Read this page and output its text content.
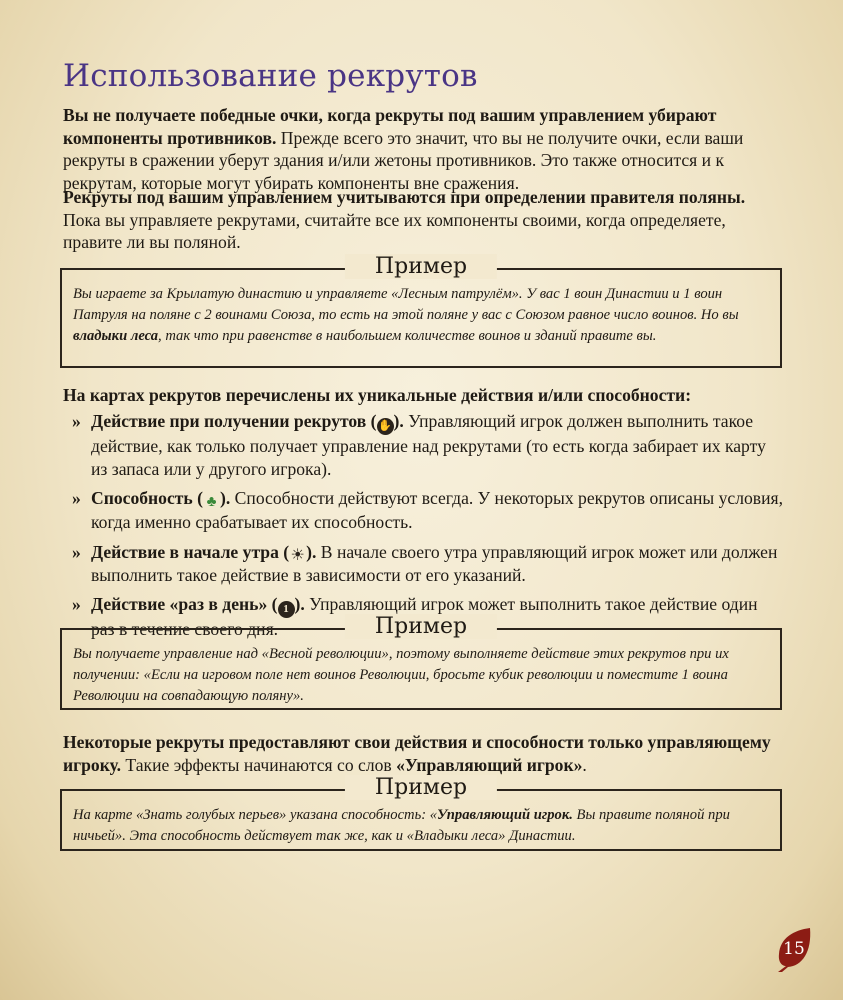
Использование рекрутов

Вы не получаете победные очки, когда рекруты под вашим управлением убирают компоненты противников. Прежде всего это значит, что вы не получите очки, если ваши рекруты в сражении уберут здания и/или жетоны противников. Это также относится и к рекрутам, которые могут убирать компоненты вне сражения.

Рекруты под вашим управлением учитываются при определении правителя поляны. Пока вы управляете рекрутами, считайте все их компоненты своими, когда определяете, правите ли вы поляной.

Пример

Вы играете за Крылатую династию и управляете «Лесным патрулём». У вас 1 воин Династии и 1 воин Патруля на поляне с 2 воинами Союза, то есть на этой поляне у вас с Союзом равное число воинов. Но вы владыки леса, так что при равенстве в наибольшем количестве воинов и зданий правите вы.

На картах рекрутов перечислены их уникальные действия и/или способности:

» Действие при получении рекрутов ( ✋). Управляющий игрок должен выполнить такое действие, как только получает управление над рекрутами (то есть когда забирает их карту из запаса или у другого игрока).
» Способность ( ♣ ). Способности действуют всегда. У некоторых рекрутов описаны условия, когда именно срабатывает их способность.
» Действие в начале утра (☀). В начале своего утра управляющий игрок может или должен выполнить такое действие в зависимости от его указаний.
» Действие «раз в день» ( 1 ). Управляющий игрок может выполнить такое действие один раз в течение своего дня.	Пример

Вы получаете управление над «Весной революции», поэтому выполняете действие этих рекрутов при их получении: «Если на игровом поле нет воинов Революции, бросьте кубик революции и поместите 1 воина Революции на совпадающую поляну».

Некоторые рекруты предоставляют свои действия и способности только управляющему игроку. Такие эффекты начинаются со слов «Управляющий игрок».

Пример

На карте «Знать голубых перьев» указана способность: «Управляющий игрок. Вы правите поляной при ничьей». Эта способность действует так же, как и «Владыки леса» Династии.

15
